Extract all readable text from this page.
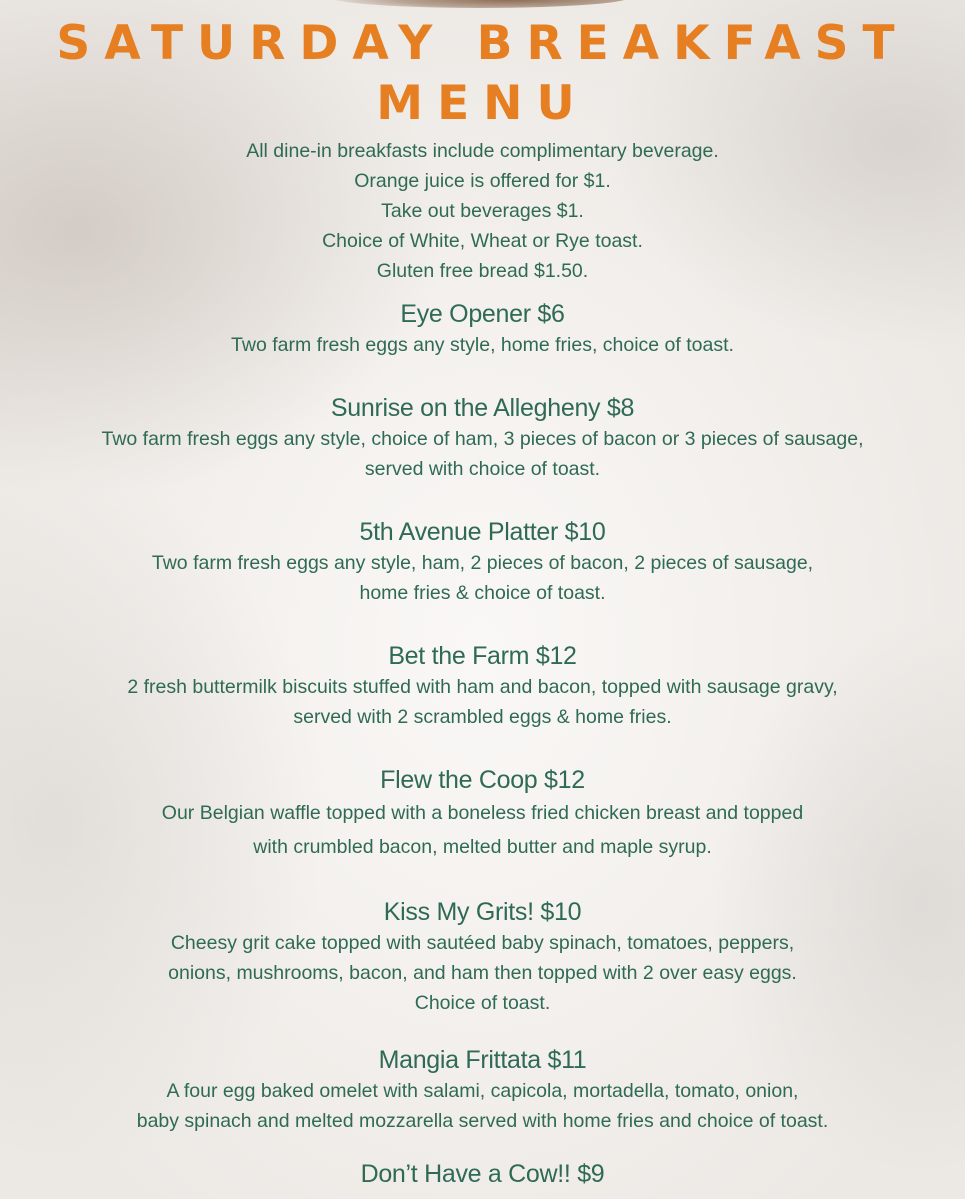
SATURDAY BREAKFAST
MENU
All dine-in breakfasts include complimentary beverage.
Orange juice is offered for $1.
Take out beverages $1.
Choice of White, Wheat or Rye toast.
Gluten free bread $1.50.
Eye Opener $6
Two farm fresh eggs any style, home fries, choice of toast.
Sunrise on the Allegheny $8
Two farm fresh eggs any style, choice of ham, 3 pieces of bacon or 3 pieces of sausage,
served with choice of toast.
5th Avenue Platter $10
Two farm fresh eggs any style, ham, 2 pieces of bacon, 2 pieces of sausage,
home fries & choice of toast.
Bet the Farm $12
2 fresh buttermilk biscuits stuffed with ham and bacon, topped with sausage gravy,
served with 2 scrambled eggs & home fries.
Flew the Coop $12
Our Belgian waffle topped with a boneless fried chicken breast and topped
with crumbled bacon, melted butter and maple syrup.
Kiss My Grits! $10
Cheesy grit cake topped with sautéed baby spinach, tomatoes, peppers,
onions, mushrooms, bacon, and ham then topped with 2 over easy eggs.
Choice of toast.
Mangia Frittata $11
A four egg baked omelet with salami, capicola, mortadella, tomato, onion,
baby spinach and melted mozzarella served with home fries and choice of toast.
Don’t Have a Cow!! $9
